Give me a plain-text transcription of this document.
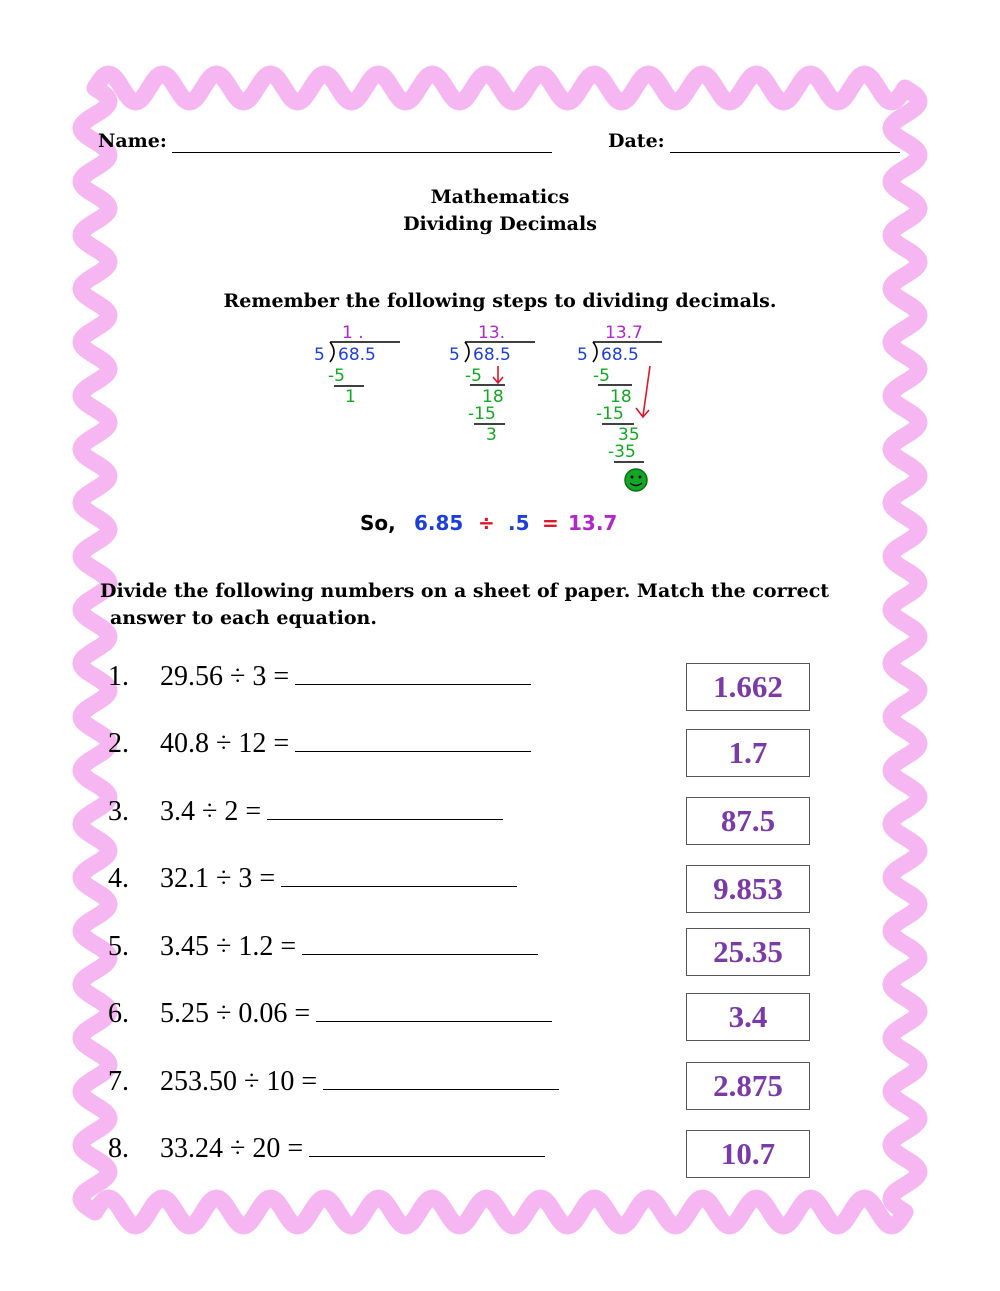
Name:	Date:
Mathematics
Dividing Decimals
Remember the following steps to dividing decimals.
1 .
5 68.5
-5
1
13.
5 68.5
-5
18
-15
3
13.7
5 68.5
-5
18
-15
35
-35
So, 6.85 ÷ .5 = 13.7
Divide the following numbers on a sheet of paper. Match the correct
answer to each equation.
1.	29.56 ÷ 3 =
2.	40.8 ÷ 12 =
3.	3.4 ÷ 2 =
4.	32.1 ÷ 3 =
5.	3.45 ÷ 1.2 =
6.	5.25 ÷ 0.06 =
7.	253.50 ÷ 10 =
8.	33.24 ÷ 20 =
1.662
1.7
87.5
9.853
25.35
3.4
2.875
10.7
